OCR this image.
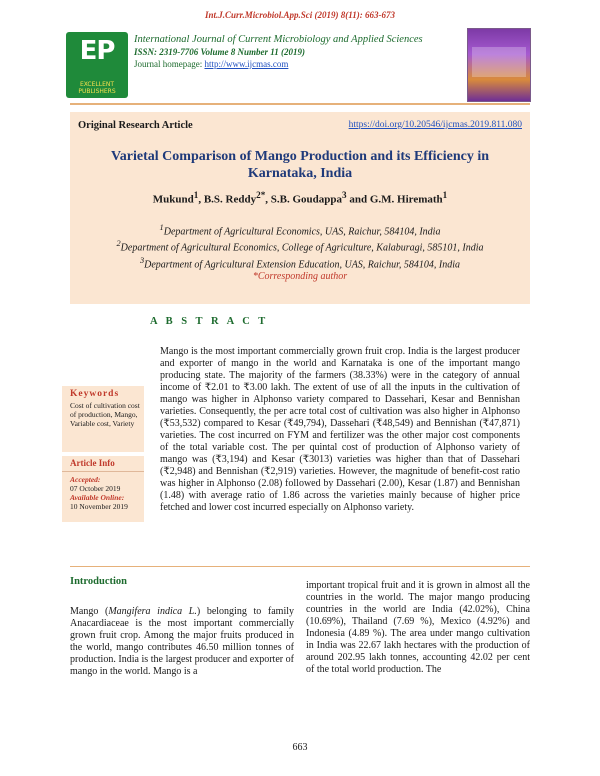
Int.J.Curr.Microbiol.App.Sci (2019) 8(11): 663-673
EP
EXCELLENT PUBLISHERS
International Journal of Current Microbiology and Applied Sciences
ISSN: 2319-7706 Volume 8 Number 11 (2019)
Journal homepage: http://www.ijcmas.com
Original Research Article	https://doi.org/10.20546/ijcmas.2019.811.080
Varietal Comparison of Mango Production and its Efficiency in Karnataka, India
Mukund$^1$, B.S. Reddy$^{2*}$, S.B. Goudappa$^3$ and G.M. Hiremath$^1$
$^1$Department of Agricultural Economics, UAS, Raichur, 584104, India
$^2$Department of Agricultural Economics, College of Agriculture, Kalaburagi, 585101, India
$^3$Department of Agricultural Extension Education, UAS, Raichur, 584104, India
*Corresponding author
A B S T R A C T
Mango is the most important commercially grown fruit crop. India is the largest producer and exporter of mango in the world and Karnataka is one of the important mango producing state. The majority of the farmers (38.33%) were in the category of annual income of ₹2.01 to ₹3.00 lakh. The extent of use of all the inputs in the cultivation of mango was higher in Alphonso variety compared to Dassehari, Kesar and Bennishan varieties. Consequently, the per acre total cost of cultivation was also higher in Alphonso (₹53,532) compared to Kesar (₹49,794), Dassehari (₹48,549) and Bennishan (₹47,871) varieties. The cost incurred on FYM and fertilizer was the other major cost components of the total variable cost. The per quintal cost of production of Alphonso variety of mango was (₹3,194) and Kesar (₹3013) varieties was higher than that of Dassehari (₹2,948) and Bennishan (₹2,919) varieties. However, the magnitude of benefit-cost ratio was higher in Alphonso (2.08) followed by Dassehari (2.00), Kesar (1.87) and Bennishan (1.48) with average ratio of 1.86 across the varieties mainly because of higher price fetched and lower cost incurred especially on Alphonso variety.
Keywords
Cost of cultivation cost of production, Mango, Variable cost, Variety
Article Info
Accepted:
07 October 2019
Available Online:
10 November 2019
Introduction
Mango (Mangifera indica L.) belonging to family Anacardiaceae is the most important commercially grown fruit crop. Among the major fruits produced in the world, mango contributes 46.50 million tonnes of production. India is the largest producer and exporter of mango in the world. Mango is a
important tropical fruit and it is grown in almost all the countries in the world. The major mango producing countries in the world are India (42.02%), China (10.69%), Thailand (7.69 %), Mexico (4.92%) and Indonesia (4.89 %). The area under mango cultivation in India was 22.67 lakh hectares with the production of around 202.95 lakh tonnes, accounting 42.02 per cent of the total world production. The
663
